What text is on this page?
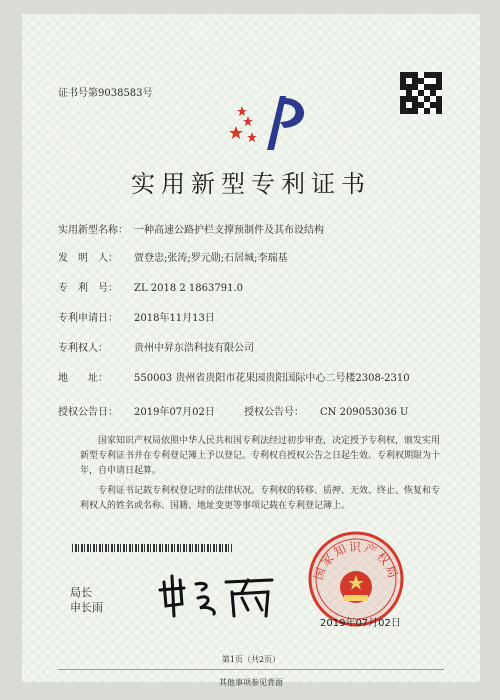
证书号第9038583号
实用新型专利证书
实用新型名称： 一种高速公路护栏支撑预制件及其布设结构
发　明　人： 贾登忠;张涛;罗元勋;石居城;李瑞基
专　利　号： ZL 2018 2 1863791.0
专利申请日： 2018年11月13日
专利权人：	贵州中昇东浩科技有限公司
地　　址：	550003 贵州省贵阳市花果园贵阳国际中心二号楼2308-2310
授权公告日： 2019年07月02日	授权公告号： CN 209053036 U
国家知识产权局依照中华人民共和国专利法经过初步审查，决定授予专利权，颁发实用新型专利证书并在专利登记簿上予以登记。专利权自授权公告之日起生效。专利权期限为十年，自申请日起算。
专利证书记载专利权登记时的法律状况。专利权的转移、质押、无效、终止、恢复和专利权人的姓名或名称、国籍、地址变更等事项记载在专利登记簿上。
局长
申长雨
国家知识产权局
2019年07月02日
第1页（共2页）
其他事项参见背面
